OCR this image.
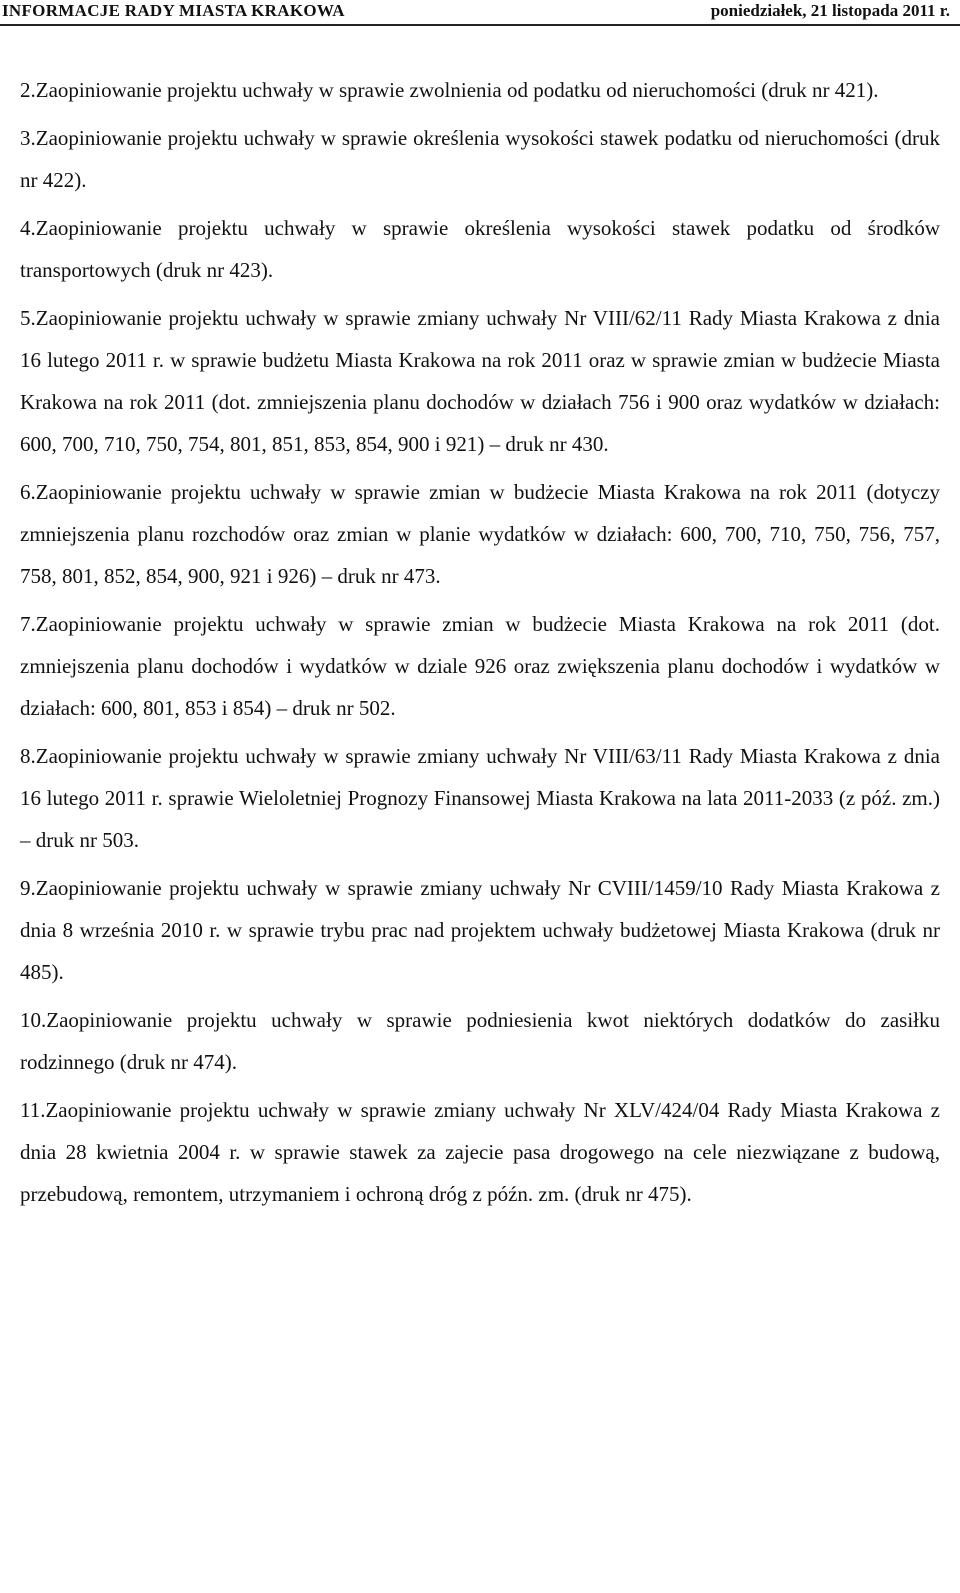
INFORMACJE RADY MIASTA KRAKOWA	poniedziałek, 21 listopada 2011 r.

2.Zaopiniowanie projektu uchwały w sprawie zwolnienia od podatku od nieruchomości (druk nr 421).

3.Zaopiniowanie projektu uchwały w sprawie określenia wysokości stawek podatku od nieruchomości (druk nr 422).

4.Zaopiniowanie projektu uchwały w sprawie określenia wysokości stawek podatku od środków transportowych (druk nr 423).

5.Zaopiniowanie projektu uchwały w sprawie zmiany uchwały Nr VIII/62/11 Rady Miasta Krakowa z dnia 16 lutego 2011 r. w sprawie budżetu Miasta Krakowa na rok 2011 oraz w sprawie zmian w budżecie Miasta Krakowa na rok 2011 (dot. zmniejszenia planu dochodów w działach 756 i 900 oraz wydatków w działach: 600, 700, 710, 750, 754, 801, 851, 853, 854, 900 i 921) – druk nr 430.

6.Zaopiniowanie projektu uchwały w sprawie zmian w budżecie Miasta Krakowa na rok 2011 (dotyczy zmniejszenia planu rozchodów oraz zmian w planie wydatków w działach: 600, 700, 710, 750, 756, 757, 758, 801, 852, 854, 900, 921 i 926) – druk nr 473.

7.Zaopiniowanie projektu uchwały w sprawie zmian w budżecie Miasta Krakowa na rok 2011 (dot. zmniejszenia planu dochodów i wydatków w dziale 926 oraz zwiększenia planu dochodów i wydatków w działach: 600, 801, 853 i 854) – druk nr 502.

8.Zaopiniowanie projektu uchwały w sprawie zmiany uchwały Nr VIII/63/11 Rady Miasta Krakowa z dnia 16 lutego 2011 r. sprawie Wieloletniej Prognozy Finansowej Miasta Krakowa na lata 2011-2033 (z póź. zm.) – druk nr 503.

9.Zaopiniowanie projektu uchwały w sprawie zmiany uchwały Nr CVIII/1459/10 Rady Miasta Krakowa z dnia 8 września 2010 r. w sprawie trybu prac nad projektem uchwały budżetowej Miasta Krakowa (druk nr 485).

10.Zaopiniowanie projektu uchwały w sprawie podniesienia kwot niektórych dodatków do zasiłku rodzinnego (druk nr 474).

11.Zaopiniowanie projektu uchwały w sprawie zmiany uchwały Nr XLV/424/04 Rady Miasta Krakowa z dnia 28 kwietnia 2004 r. w sprawie stawek za zajecie pasa drogowego na cele niezwiązane z budową, przebudową, remontem, utrzymaniem i ochroną dróg z późn. zm. (druk nr 475).
